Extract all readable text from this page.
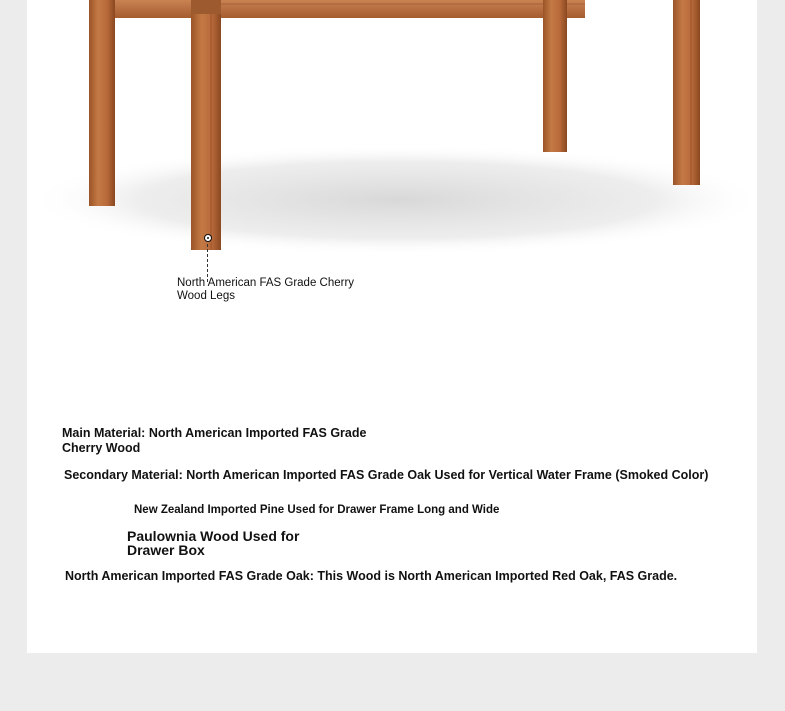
North American FAS Grade Cherry Wood Legs
Main Material: North American Imported FAS Grade Cherry Wood
Secondary Material: North American Imported FAS Grade Oak Used for Vertical Water Frame (Smoked Color)
New Zealand Imported Pine Used for Drawer Frame Long and Wide
Paulownia Wood Used for Drawer Box
North American Imported FAS Grade Oak: This Wood is North American Imported Red Oak, FAS Grade.
